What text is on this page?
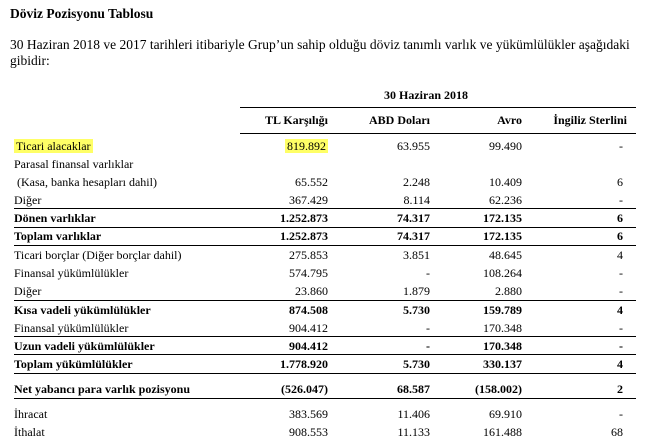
Döviz Pozisyonu Tablosu
30 Haziran 2018 ve 2017 tarihleri itibariyle Grup’un sahip olduğu döviz tanımlı varlık ve yükümlülükler aşağıdaki gibidir:
30 Haziran 2018
TL Karşılığı	ABD Doları	Avro	İngiliz Sterlini
Ticari alacaklar	819.892	63.955	99.490	-
Parasal finansal varlıklar
(Kasa, banka hesapları dahil)	65.552	2.248	10.409	6
Diğer	367.429	8.114	62.236	-
Dönen varlıklar	1.252.873	74.317	172.135	6
Toplam varlıklar	1.252.873	74.317	172.135	6
Ticari borçlar (Diğer borçlar dahil)	275.853	3.851	48.645	4
Finansal yükümlülükler	574.795	-	108.264	-
Diğer	23.860	1.879	2.880	-
Kısa vadeli yükümlülükler	874.508	5.730	159.789	4
Finansal yükümlülükler	904.412	-	170.348	-
Uzun vadeli yükümlülükler	904.412	-	170.348	-
Toplam yükümlülükler	1.778.920	5.730	330.137	4
Net yabancı para varlık pozisyonu	(526.047)	68.587	(158.002)	2
İhracat	383.569	11.406	69.910	-
İthalat	908.553	11.133	161.488	68
